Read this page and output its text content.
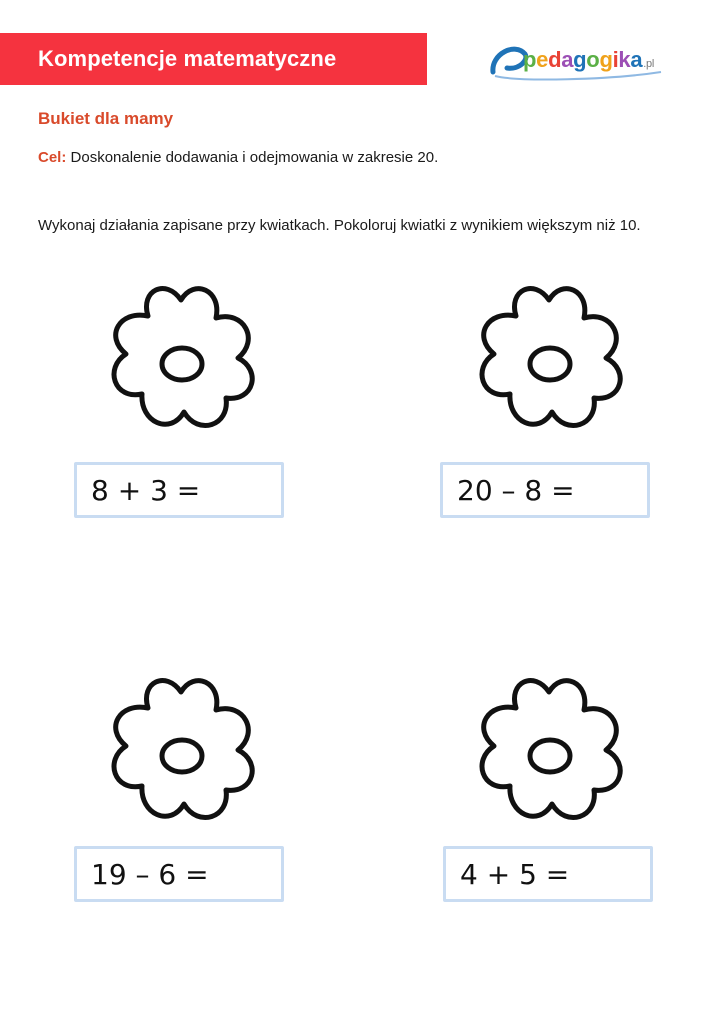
Kompetencje matematyczne	pedagogika.pl
e
Bukiet dla mamy
Cel: Doskonalenie dodawania i odejmowania w zakresie 20.
Wykonaj działania zapisane przy kwiatkach. Pokoloruj kwiatki z wynikiem większym niż 10.
8 + 3 =	20 – 8 =
19 – 6 =	4 + 5 =
